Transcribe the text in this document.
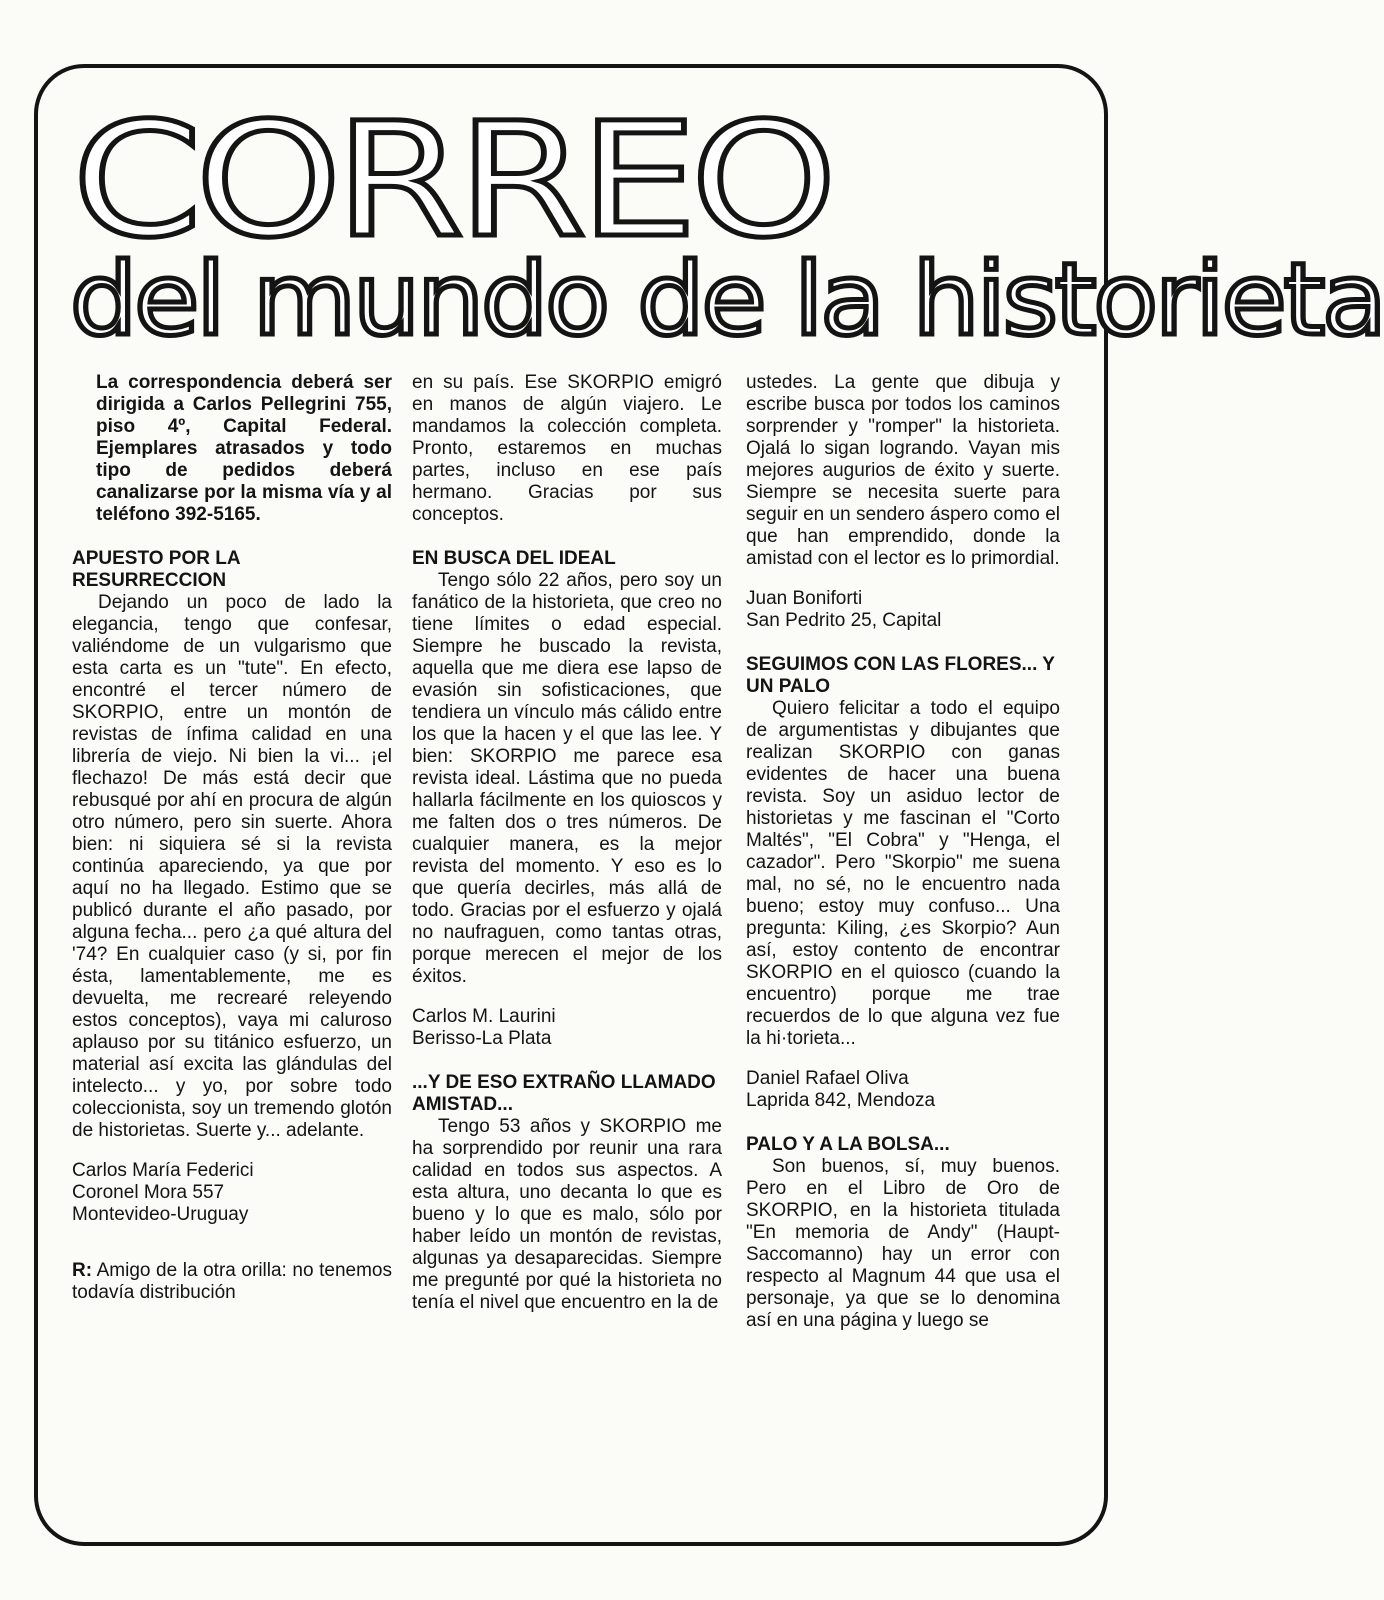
CORREO
del mundo de la historieta

La correspondencia deberá ser dirigida a Carlos Pellegrini 755, piso 4º, Capital Federal. Ejemplares atrasados y todo tipo de pedidos deberá canalizarse por la misma vía y al teléfono 392-5165.

APUESTO POR LA RESURRECCION

Dejando un poco de lado la elegancia, tengo que confesar, valiéndome de un vulgarismo que esta carta es un "tute". En efecto, encontré el tercer número de SKORPIO, entre un montón de revistas de ínfima calidad en una librería de viejo. Ni bien la vi... ¡el flechazo! De más está decir que rebusqué por ahí en procura de algún otro número, pero sin suerte. Ahora bien: ni siquiera sé si la revista continúa apareciendo, ya que por aquí no ha llegado. Estimo que se publicó durante el año pasado, por alguna fecha... pero ¿a qué altura del '74? En cualquier caso (y si, por fin ésta, lamentablemente, me es devuelta, me recrearé releyendo estos conceptos), vaya mi caluroso aplauso por su titánico esfuerzo, un material así excita las glándulas del intelecto... y yo, por sobre todo coleccionista, soy un tremendo glotón de historietas. Suerte y... adelante.

Carlos María Federici

Coronel Mora 557

Montevideo-Uruguay

R: Amigo de la otra orilla: no tenemos todavía distribución

en su país. Ese SKORPIO emigró en manos de algún viajero. Le mandamos la colección completa. Pronto, estaremos en muchas partes, incluso en ese país hermano. Gracias por sus conceptos.

EN BUSCA DEL IDEAL

Tengo sólo 22 años, pero soy un fanático de la historieta, que creo no tiene límites o edad especial. Siempre he buscado la revista, aquella que me diera ese lapso de evasión sin sofisticaciones, que tendiera un vínculo más cálido entre los que la hacen y el que las lee. Y bien: SKORPIO me parece esa revista ideal. Lástima que no pueda hallarla fácilmente en los quioscos y me falten dos o tres números. De cualquier manera, es la mejor revista del momento. Y eso es lo que quería decirles, más allá de todo. Gracias por el esfuerzo y ojalá no naufraguen, como tantas otras, porque merecen el mejor de los éxitos.

Carlos M. Laurini

Berisso-La Plata

...Y DE ESO EXTRAÑO LLAMADO AMISTAD...

Tengo 53 años y SKORPIO me ha sorprendido por reunir una rara calidad en todos sus aspectos. A esta altura, uno decanta lo que es bueno y lo que es malo, sólo por haber leído un montón de revistas, algunas ya desaparecidas. Siempre me pregunté por qué la historieta no tenía el nivel que encuentro en la de

ustedes. La gente que dibuja y escribe busca por todos los caminos sorprender y "romper" la historieta. Ojalá lo sigan logrando. Vayan mis mejores augurios de éxito y suerte. Siempre se necesita suerte para seguir en un sendero áspero como el que han emprendido, donde la amistad con el lector es lo primordial.

Juan Boniforti

San Pedrito 25, Capital

SEGUIMOS CON LAS FLORES... Y UN PALO

Quiero felicitar a todo el equipo de argumentistas y dibujantes que realizan SKORPIO con ganas evidentes de hacer una buena revista. Soy un asiduo lector de historietas y me fascinan el "Corto Maltés", "El Cobra" y "Henga, el cazador". Pero "Skorpio" me suena mal, no sé, no le encuentro nada bueno; estoy muy confuso... Una pregunta: Kiling, ¿es Skorpio? Aun así, estoy contento de encontrar SKORPIO en el quiosco (cuando la encuentro) porque me trae recuerdos de lo que alguna vez fue la hi·torieta...

Daniel Rafael Oliva

Laprida 842, Mendoza

PALO Y A LA BOLSA...

Son buenos, sí, muy buenos. Pero en el Libro de Oro de SKORPIO, en la historieta titulada "En memoria de Andy" (Haupt-Saccomanno) hay un error con respecto al Magnum 44 que usa el personaje, ya que se lo denomina así en una página y luego se
